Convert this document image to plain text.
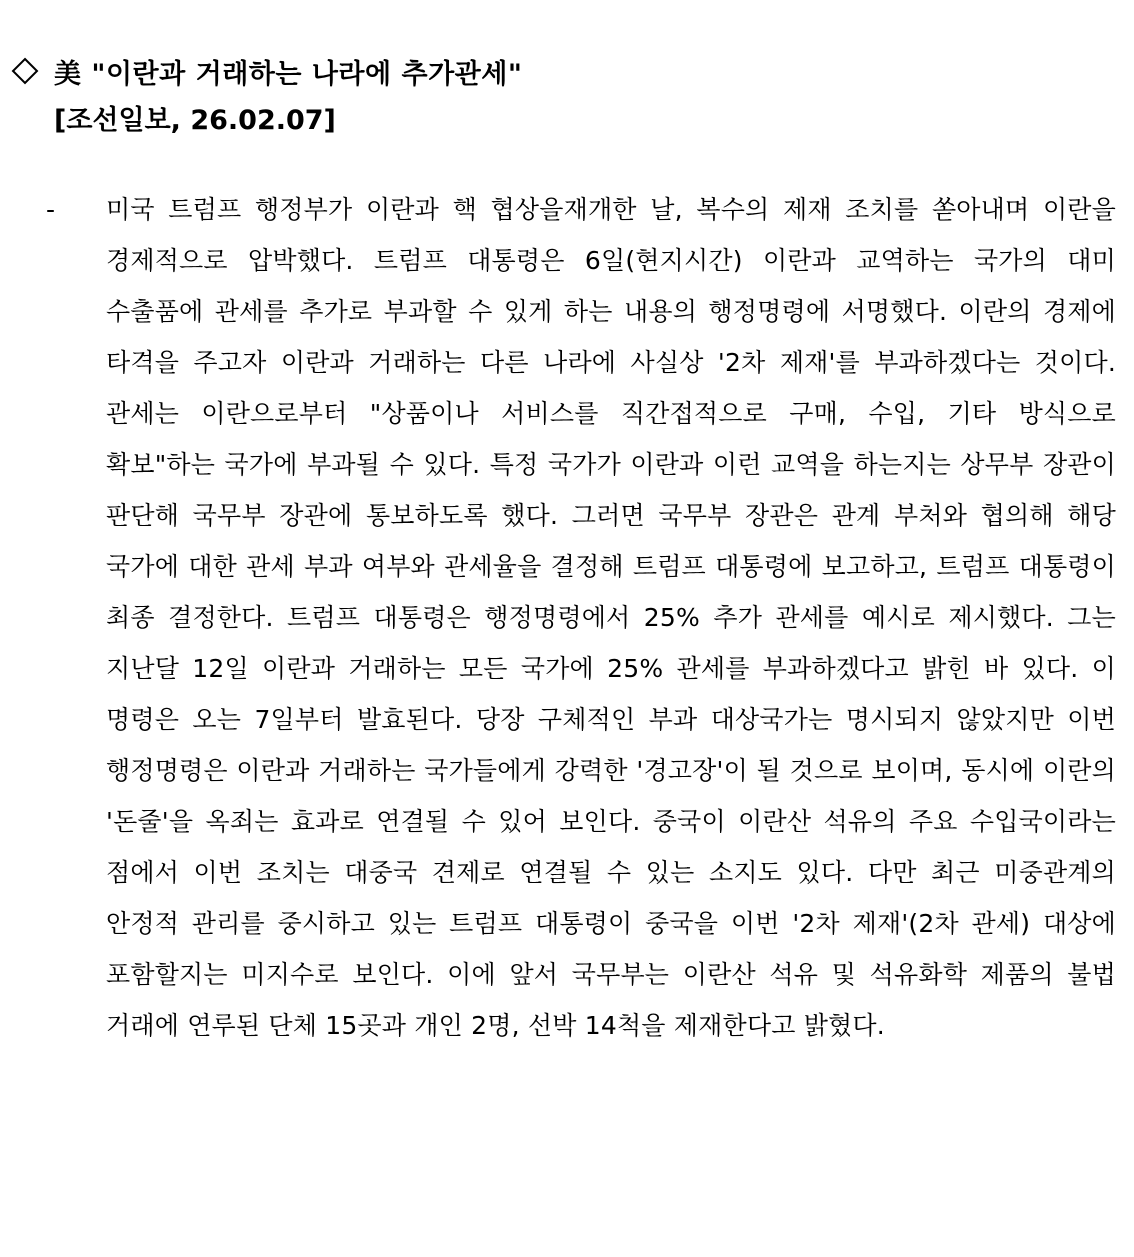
美 "이란과 거래하는 나라에 추가관세"
[조선일보, 26.02.07]
- 미국 트럼프 행정부가 이란과 핵 협상을재개한 날, 복수의 제재 조치를 쏟아내며 이란을 경제적으로 압박했다. 트럼프 대통령은 6일(현지시간) 이란과 교역하는 국가의 대미 수출품에 관세를 추가로 부과할 수 있게 하는 내용의 행정명령에 서명했다. 이란의 경제에 타격을 주고자 이란과 거래하는 다른 나라에 사실상 '2차 제재'를 부과하겠다는 것이다. 관세는 이란으로부터 "상품이나 서비스를 직간접적으로 구매, 수입, 기타 방식으로 확보"하는 국가에 부과될 수 있다. 특정 국가가 이란과 이런 교역을 하는지는 상무부 장관이 판단해 국무부 장관에 통보하도록 했다. 그러면 국무부 장관은 관계 부처와 협의해 해당 국가에 대한 관세 부과 여부와 관세율을 결정해 트럼프 대통령에 보고하고, 트럼프 대통령이 최종 결정한다. 트럼프 대통령은 행정명령에서 25% 추가 관세를 예시로 제시했다. 그는 지난달 12일 이란과 거래하는 모든 국가에 25% 관세를 부과하겠다고 밝힌 바 있다. 이 명령은 오는 7일부터 발효된다. 당장 구체적인 부과 대상국가는 명시되지 않았지만 이번 행정명령은 이란과 거래하는 국가들에게 강력한 '경고장'이 될 것으로 보이며, 동시에 이란의 '돈줄'을 옥죄는 효과로 연결될 수 있어 보인다. 중국이 이란산 석유의 주요 수입국이라는 점에서 이번 조치는 대중국 견제로 연결될 수 있는 소지도 있다. 다만 최근 미중관계의 안정적 관리를 중시하고 있는 트럼프 대통령이 중국을 이번 '2차 제재'(2차 관세) 대상에 포함할지는 미지수로 보인다. 이에 앞서 국무부는 이란산 석유 및 석유화학 제품의 불법 거래에 연루된 단체 15곳과 개인 2명, 선박 14척을 제재한다고 밝혔다.
